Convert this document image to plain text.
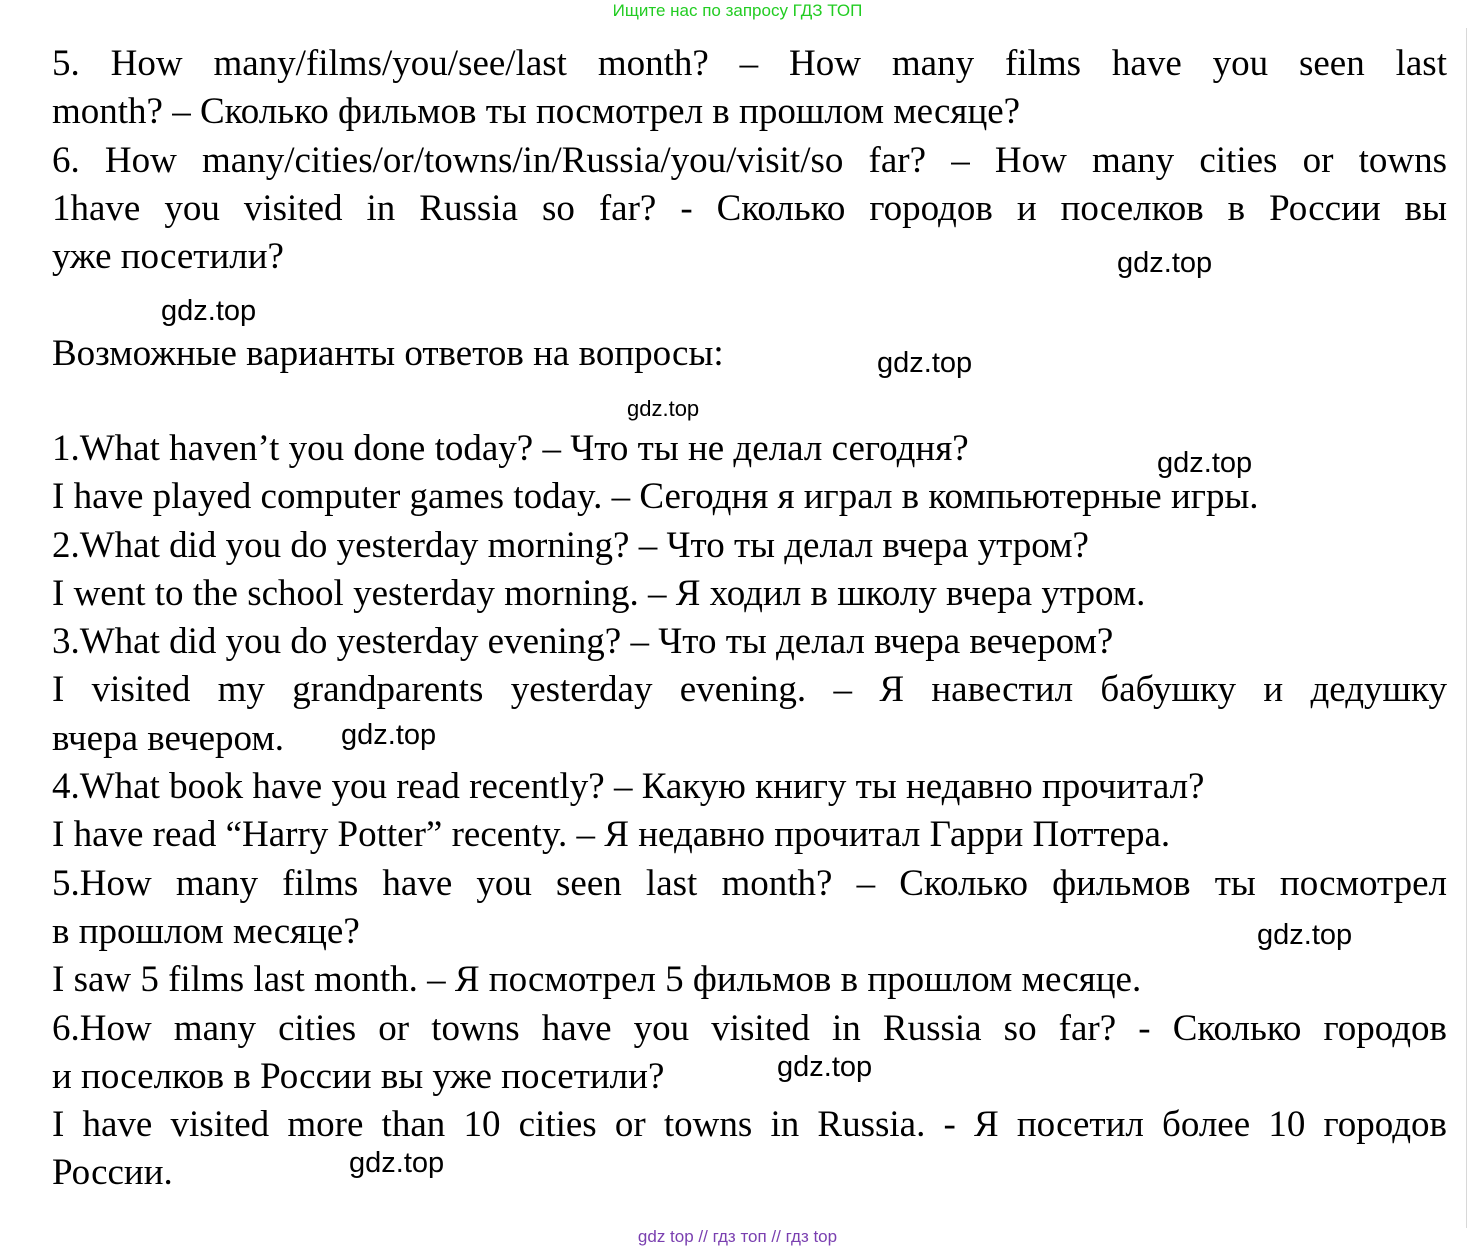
Ищите нас по запросу ГДЗ ТОП
5. How many/films/you/see/last month? – How many films have you seen last
month? – Сколько фильмов ты посмотрел в прошлом месяце?
6. How many/cities/or/towns/in/Russia/you/visit/so far? – How many cities or towns
1have you visited in Russia so far? - Сколько городов и поселков в России вы
уже посетили?
Возможные варианты ответов на вопросы:
1.What haven’t you done today? – Что ты не делал сегодня?
I have played computer games today. – Сегодня я играл в компьютерные игры.
2.What did you do yesterday morning? – Что ты делал вчера утром?
I went to the school yesterday morning. – Я ходил в школу вчера утром.
3.What did you do yesterday evening? – Что ты делал вчера вечером?
I visited my grandparents yesterday evening. – Я навестил бабушку и дедушку
вчера вечером.
4.What book have you read recently? – Какую книгу ты недавно прочитал?
I have read “Harry Potter” recenty. – Я недавно прочитал Гарри Поттера.
5.How many films have you seen last month? – Сколько фильмов ты посмотрел
в прошлом месяце?
I saw 5 films last month. – Я посмотрел 5 фильмов в прошлом месяце.
6.How many cities or towns have you visited in Russia so far? - Сколько городов
и поселков в России вы уже посетили?
I have visited more than 10 cities or towns in Russia. - Я посетил более 10 городов
России.
gdz.top
gdz.top
gdz.top
gdz.top
gdz.top
gdz.top
gdz.top
gdz.top
gdz.top
gdz top // гдз топ // гдз top
